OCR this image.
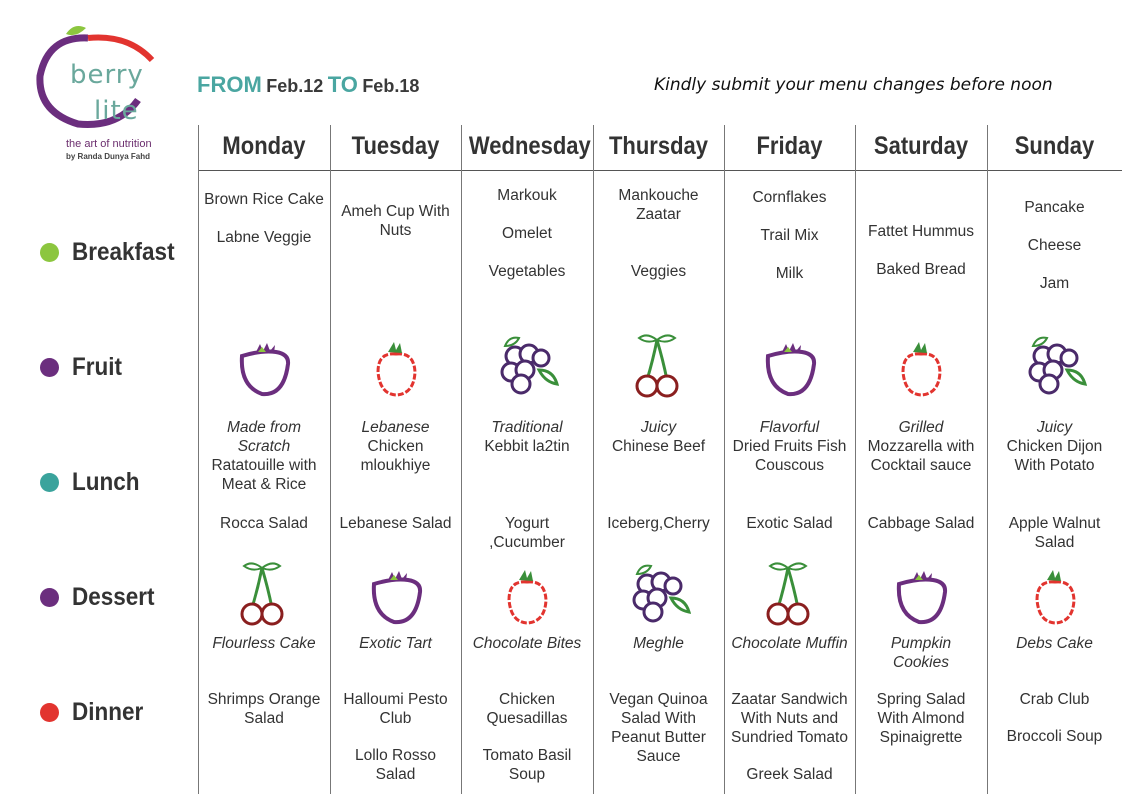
berry
lite
the art of nutrition
by Randa Dunya Fahd
FROM Feb.12 TO Feb.18	Kindly submit your menu changes before noon
Monday
Brown Rice Cake
Labne Veggie
Made from Scratch
Ratatouille with Meat & Rice
Rocca Salad
Flourless Cake
Shrimps Orange Salad
Tuesday
Ameh Cup With Nuts
Lebanese
Chicken mloukhiye
Lebanese Salad
Exotic Tart
Halloumi Pesto Club
Lollo Rosso Salad
Wednesday
Markouk
Omelet
Vegetables
Traditional
Kebbit la2tin
Yogurt ,Cucumber
Chocolate Bites
Chicken Quesadillas
Tomato Basil Soup
Thursday
Mankouche Zaatar
Veggies
Juicy
Chinese Beef
Iceberg,Cherry
Meghle
Vegan Quinoa Salad With Peanut Butter Sauce
Friday
Cornflakes
Trail Mix
Milk
Flavorful
Dried Fruits Fish Couscous
Exotic Salad
Chocolate Muffin
Zaatar Sandwich With Nuts and Sundried Tomato
Greek Salad
Saturday
Fattet Hummus
Baked Bread
Grilled
Mozzarella with Cocktail sauce
Cabbage Salad
Pumpkin Cookies
Spring Salad With Almond Spinaigrette
Sunday
Pancake
Cheese
Jam
Juicy
Chicken Dijon With Potato
Apple Walnut Salad
Debs Cake
Crab Club
Broccoli Soup
Breakfast
Fruit
Lunch
Dessert
Dinner
